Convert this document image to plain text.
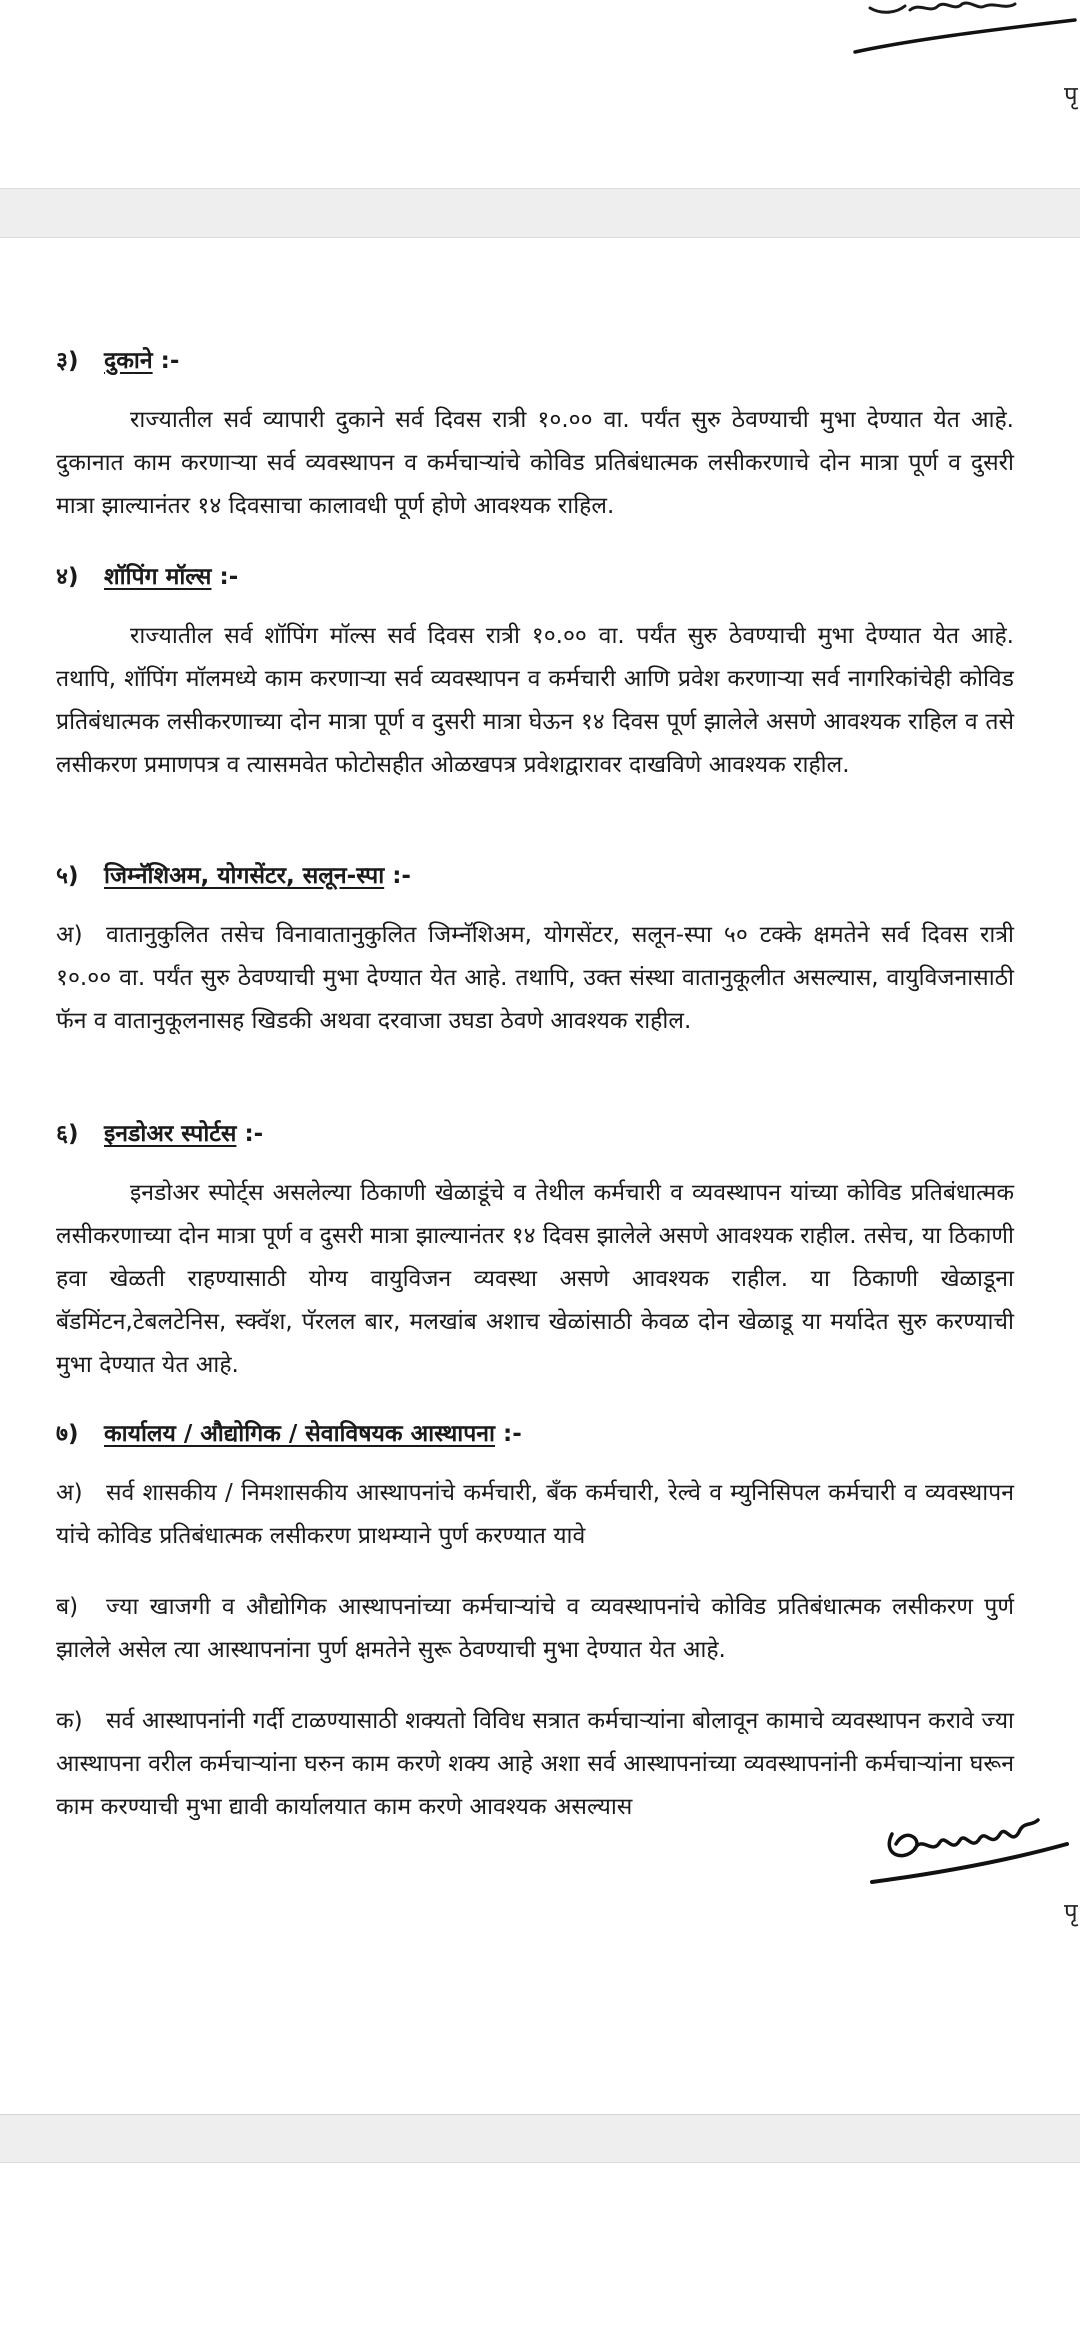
पृ
३) दुकाने :-
राज्यातील सर्व व्यापारी दुकाने सर्व दिवस रात्री १०.०० वा. पर्यंत सुरु ठेवण्याची मुभा देण्यात येत आहे. दुकानात काम करणाऱ्या सर्व व्यवस्थापन व कर्मचाऱ्यांचे कोविड प्रतिबंधात्मक लसीकरणाचे दोन मात्रा पूर्ण व दुसरी मात्रा झाल्यानंतर १४ दिवसाचा कालावधी पूर्ण होणे आवश्यक राहिल.
४) शॉपिंग मॉल्स :-
राज्यातील सर्व शॉपिंग मॉल्स सर्व दिवस रात्री १०.०० वा. पर्यंत सुरु ठेवण्याची मुभा देण्यात येत आहे. तथापि, शॉपिंग मॉलमध्ये काम करणाऱ्या सर्व व्यवस्थापन व कर्मचारी आणि प्रवेश करणाऱ्या सर्व नागरिकांचेही कोविड प्रतिबंधात्मक लसीकरणाच्या दोन मात्रा पूर्ण व दुसरी मात्रा घेऊन १४ दिवस पूर्ण झालेले असणे आवश्यक राहिल व तसे लसीकरण प्रमाणपत्र व त्यासमवेत फोटोसहीत ओळखपत्र प्रवेशद्वारावर दाखविणे आवश्यक राहील.
५) जिम्नॅशिअम, योगसेंटर, सलून-स्पा :-
अ) वातानुकुलित तसेच विनावातानुकुलित जिम्नॅशिअम, योगसेंटर, सलून-स्पा ५० टक्के क्षमतेने सर्व दिवस रात्री १०.०० वा. पर्यंत सुरु ठेवण्याची मुभा देण्यात येत आहे. तथापि, उक्त संस्था वातानुकूलीत असल्यास, वायुविजनासाठी फॅन व वातानुकूलनासह खिडकी अथवा दरवाजा उघडा ठेवणे आवश्यक राहील.
६) इनडोअर स्पोर्टस :-
इनडोअर स्पोर्ट्स असलेल्या ठिकाणी खेळाडूंचे व तेथील कर्मचारी व व्यवस्थापन यांच्या कोविड प्रतिबंधात्मक लसीकरणाच्या दोन मात्रा पूर्ण व दुसरी मात्रा झाल्यानंतर १४ दिवस झालेले असणे आवश्यक राहील. तसेच, या ठिकाणी हवा खेळती राहण्यासाठी योग्य वायुविजन व्यवस्था असणे आवश्यक राहील. या ठिकाणी खेळाडूना बॅडमिंटन,टेबलटेनिस, स्क्वॅश, पॅरलल बार, मलखांब अशाच खेळांसाठी केवळ दोन खेळाडू या मर्यादेत सुरु करण्याची मुभा देण्यात येत आहे.
७) कार्यालय / औद्योगिक / सेवाविषयक आस्थापना :-
अ) सर्व शासकीय / निमशासकीय आस्थापनांचे कर्मचारी, बँक कर्मचारी, रेल्वे व म्युनिसिपल कर्मचारी व व्यवस्थापन यांचे कोविड प्रतिबंधात्मक लसीकरण प्राथम्याने पुर्ण करण्यात यावे
ब) ज्या खाजगी व औद्योगिक आस्थापनांच्या कर्मचाऱ्यांचे व व्यवस्थापनांचे कोविड प्रतिबंधात्मक लसीकरण पुर्ण झालेले असेल त्या आस्थापनांना पुर्ण क्षमतेने सुरू ठेवण्याची मुभा देण्यात येत आहे.
क) सर्व आस्थापनांनी गर्दी टाळण्यासाठी शक्यतो विविध सत्रात कर्मचाऱ्यांना बोलावून कामाचे व्यवस्थापन करावे ज्या आस्थापना वरील कर्मचाऱ्यांना घरुन काम करणे शक्य आहे अशा सर्व आस्थापनांच्या व्यवस्थापनांनी कर्मचाऱ्यांना घरून काम करण्याची मुभा द्यावी कार्यालयात काम करणे आवश्यक असल्यास
पृ
